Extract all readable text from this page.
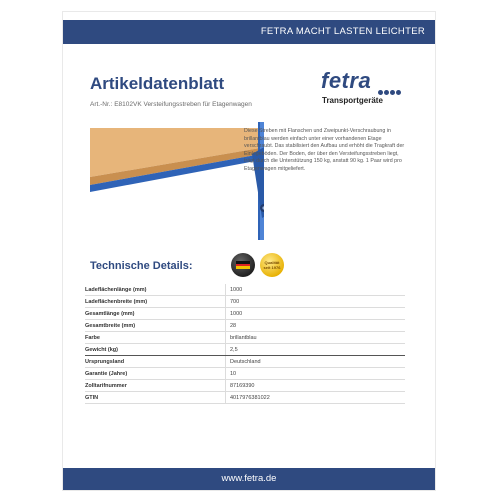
FETRA MACHT LASTEN LEICHTER
Artikeldatenblatt
Art.-Nr.: E8102VK Versteifungsstreben für Etagenwagen
fetra
Transportgeräte
Diese Streben mit Flanschen und Zweipunkt-Verschraubung in brillantblau werden einfach unter einer vorhandenen Etage verschraubt. Das stabilisiert den Aufbau und erhöht die Tragkraft der Einlegeböden. Der Boden, der über den Versteifungsstreben liegt, trägt durch die Unterstützung 150 kg, anstatt 90 kg. 1 Paar wird pro Etagenwagen mitgeliefert.
Technische Details:	Qualität seit 1976
Ladeflächenlänge (mm)	1000
Ladeflächenbreite (mm)	700
Gesamtlänge (mm)	1000
Gesamtbreite (mm)	28
Farbe	brillantblau
Gewicht (kg)	2,5
Ursprungsland	Deutschland
Garantie (Jahre)	10
Zolltarifnummer	87169390
GTIN	4017976381022
www.fetra.de
